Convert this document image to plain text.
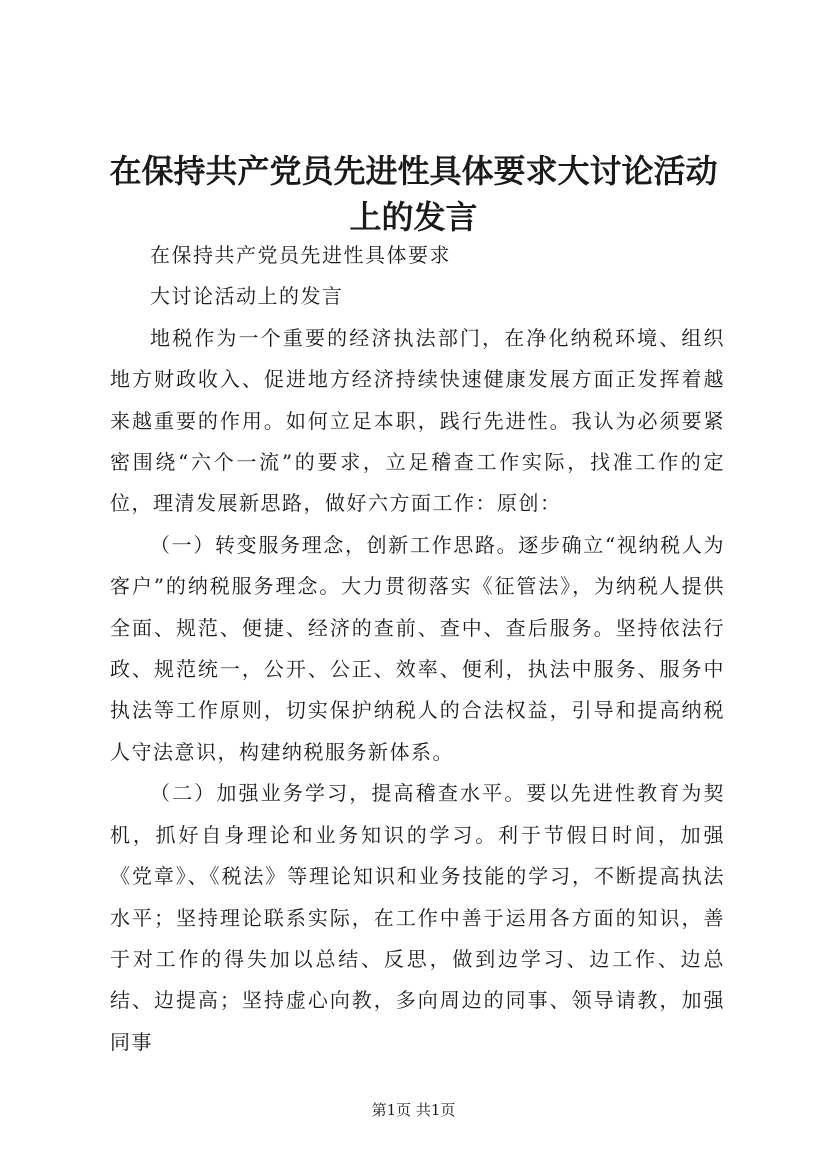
在保持共产党员先进性具体要求大讨论活动上的发言

在保持共产党员先进性具体要求

大讨论活动上的发言

地税作为一个重要的经济执法部门，在净化纳税环境、组织地方财政收入、促进地方经济持续快速健康发展方面正发挥着越来越重要的作用。如何立足本职，践行先进性。我认为必须要紧密围绕“六个一流”的要求，立足稽查工作实际，找准工作的定位，理清发展新思路，做好六方面工作：原创：

（一）转变服务理念，创新工作思路。逐步确立“视纳税人为客户”的纳税服务理念。大力贯彻落实《征管法》，为纳税人提供全面、规范、便捷、经济的查前、查中、查后服务。坚持依法行政、规范统一，公开、公正、效率、便利，执法中服务、服务中执法等工作原则，切实保护纳税人的合法权益，引导和提高纳税人守法意识，构建纳税服务新体系。

（二）加强业务学习，提高稽查水平。要以先进性教育为契机，抓好自身理论和业务知识的学习。利于节假日时间，加强《党章》、《税法》等理论知识和业务技能的学习，不断提高执法水平；坚持理论联系实际，在工作中善于运用各方面的知识，善于对工作的得失加以总结、反思，做到边学习、边工作、边总结、边提高；坚持虚心向教，多向周边的同事、领导请教，加强同事

第1页 共1页
